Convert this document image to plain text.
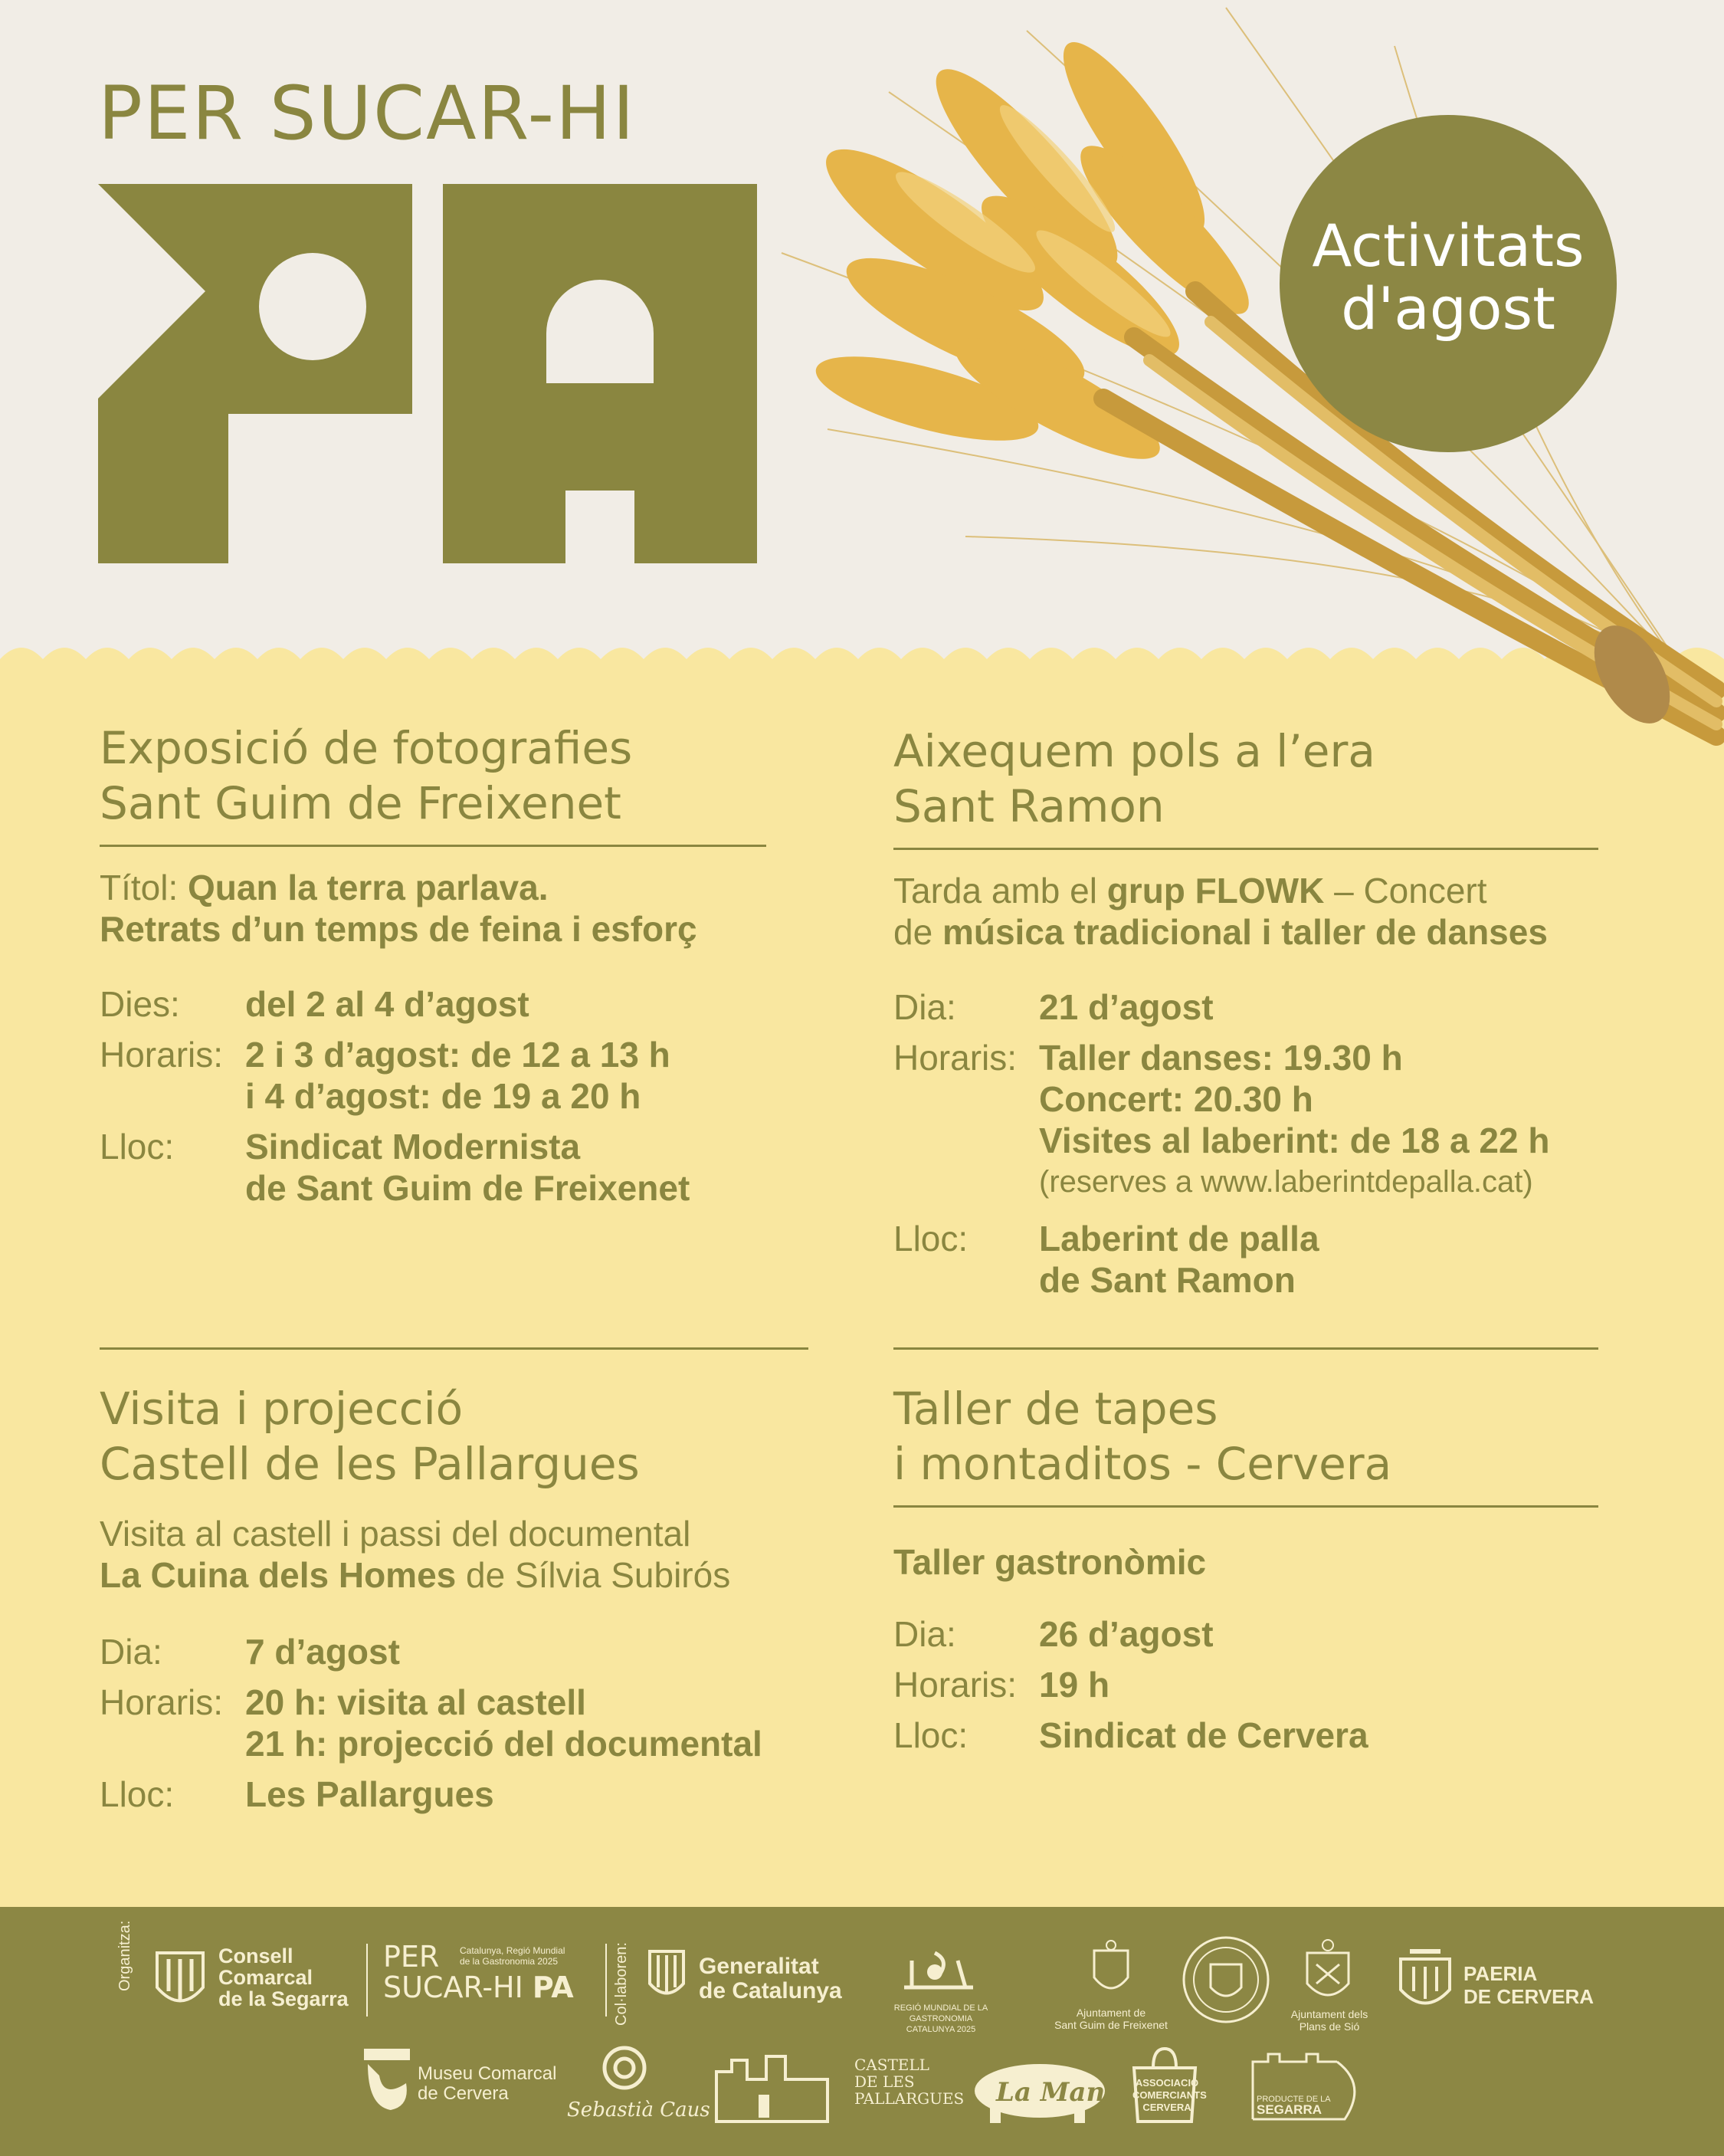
PER SUCAR-HI
Activitats
d'agost
Exposició de fotografies
Sant Guim de Freixenet
Títol: Quan la terra parlava.
Retrats d’un temps de feina i esforç
Dies:	del 2 al 4 d’agost
Horaris: 2 i 3 d’agost: de 12 a 13 h
i 4 d’agost: de 19 a 20 h
Lloc:	Sindicat Modernista
de Sant Guim de Freixenet
Aixequem pols a l’era
Sant Ramon
Tarda amb el grup FLOWK – Concert
de música tradicional i taller de danses
Dia:	21 d’agost
Horaris: Taller danses: 19.30 h
Concert: 20.30 h
Visites al laberint: de 18 a 22 h
(reserves a www.laberintdepalla.cat)
Lloc:	Laberint de palla
de Sant Ramon
Visita i projecció
Castell de les Pallargues
Visita al castell i passi del documental
La Cuina dels Homes de Sílvia Subirós
Dia:	7 d’agost
Horaris: 20 h: visita al castell
21 h: projecció del documental
Lloc:	Les Pallargues
Taller de tapes
i montaditos - Cervera
Taller gastronòmic
Dia:	26 d’agost
Horaris: 19 h
Lloc:	Sindicat de Cervera
Organitza:	Consell
Comarcal
de la Segarra
PER
SUCAR-HI PA
Catalunya, Regió Mundial
de la Gastronomia 2025	Col·laboren:	Generalitat
de Catalunya
REGIÓ MUNDIAL DE LA GASTRONOMIA
CATALUNYA 2025
Ajuntament de
Sant Guim de Freixenet
Ajuntament dels
Plans de Sió
PAERIA
DE CERVERA
Museu Comarcal
de Cervera
Sebastià Caus
CASTELL
DE LES
PALLARGUES La Mansa
ASSOCIACIÓ
COMERCIANTS
CERVERA
PRODUCTE DE LA
SEGARRA
